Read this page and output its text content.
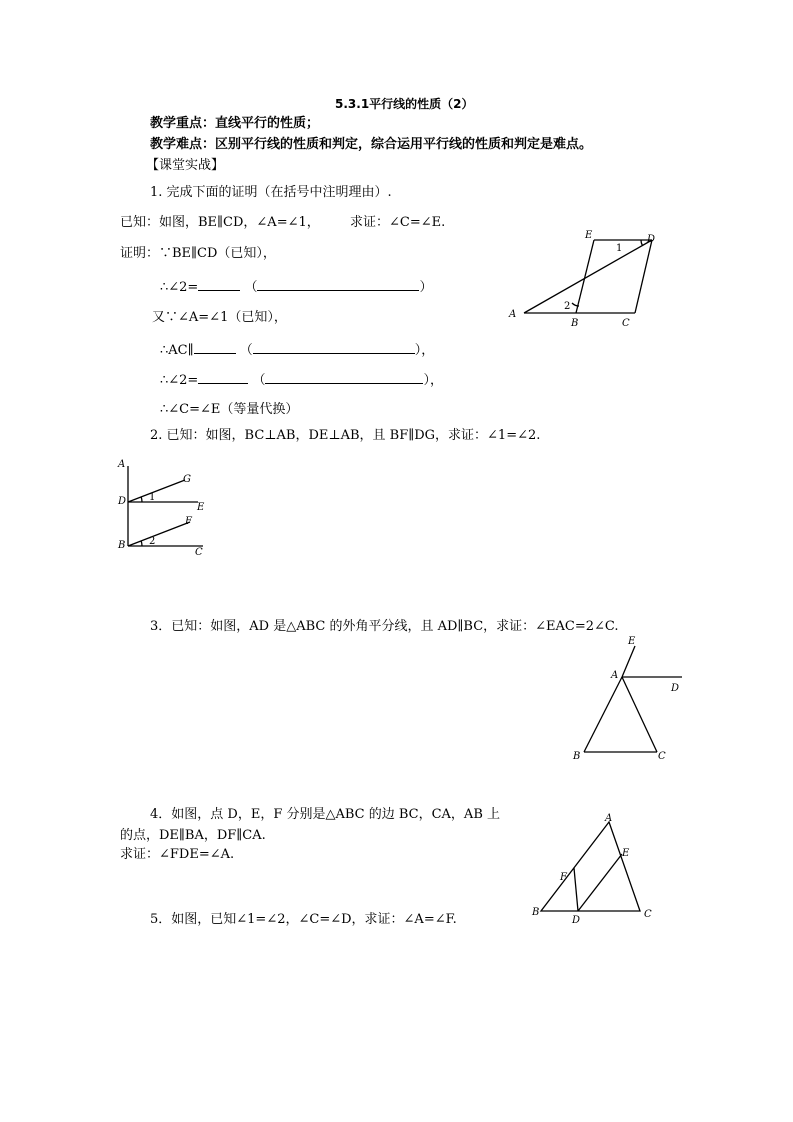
5.3.1平行线的性质（2）
教学重点：直线平行的性质；
教学难点：区别平行线的性质和判定，综合运用平行线的性质和判定是难点。
【课堂实战】
1. 完成下面的证明（在括号中注明理由）.
已知：如图，BE∥CD，∠A=∠1， 求证：∠C=∠E.
证明：∵BE∥CD（已知），
∴∠2=	（	）
又∵∠A=∠1（已知），
∴AC∥	（	），
∴∠2=	（	），
∴∠C=∠E（等量代换）
E	D
A
B	C
1
2
2. 已知：如图，BC⊥AB，DE⊥AB，且 BF∥DG，求证：∠1=∠2.
A
D
B
G
E
F
C
1
2
3．已知：如图，AD 是△ABC 的外角平分线，且 AD∥BC，求证：∠EAC=2∠C.
E
A
D
B	C
4．如图，点 D，E，F 分别是△ABC 的边 BC，CA，AB 上
的点，DE∥BA，DF∥CA.
求证：∠FDE=∠A.
A
E
F
B
D
C
5．如图，已知∠1=∠2，∠C=∠D，求证：∠A=∠F.
